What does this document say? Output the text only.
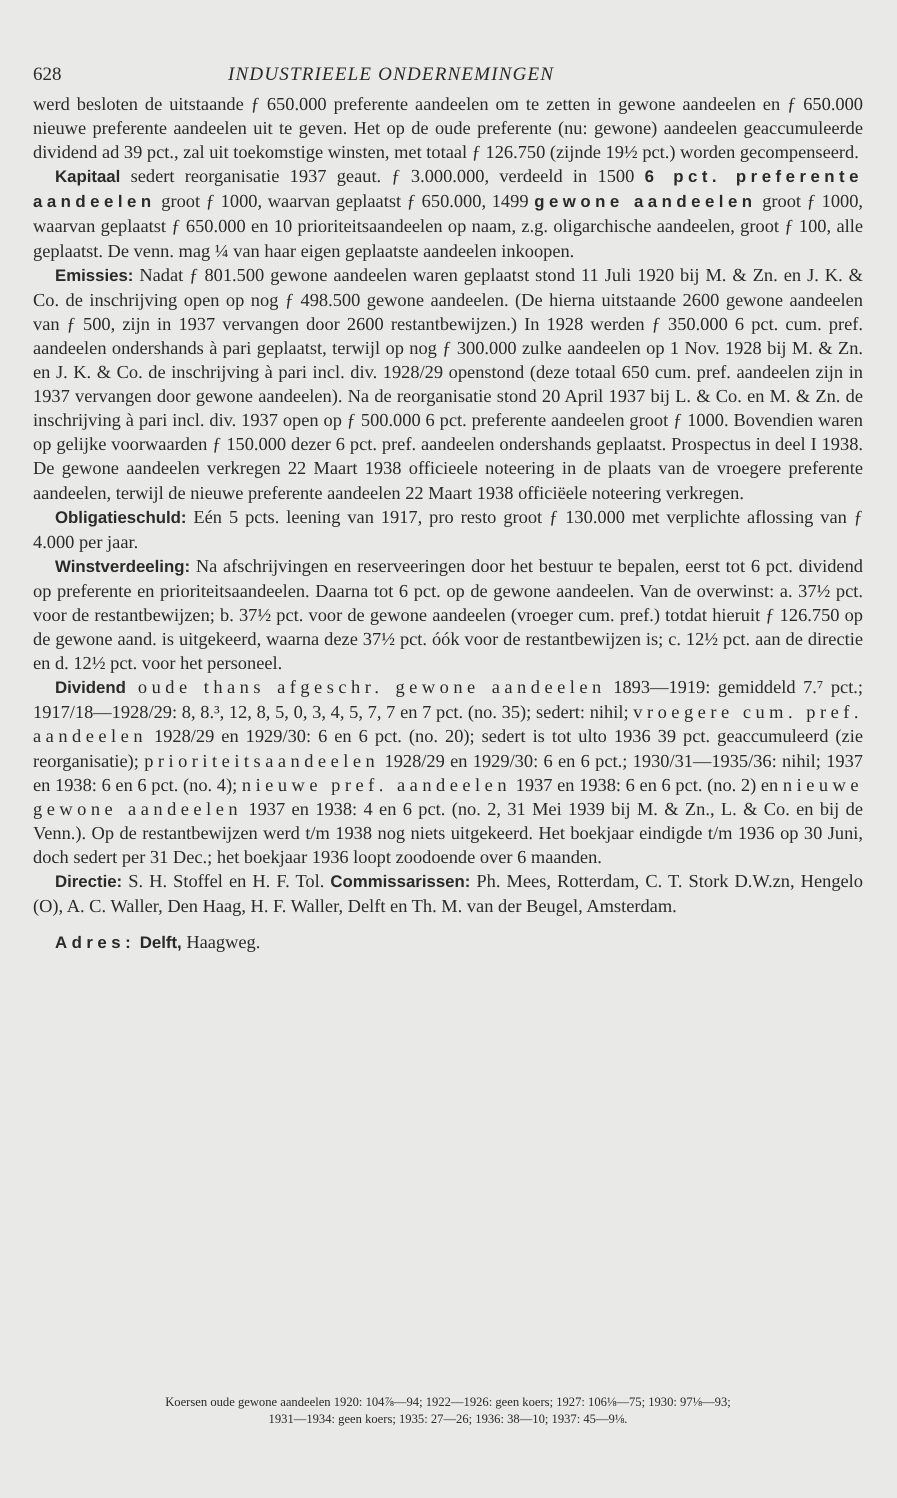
628	INDUSTRIEELE ONDERNEMINGEN

werd besloten de uitstaande ƒ 650.000 preferente aandeelen om te zetten in gewone aandeelen en ƒ 650.000 nieuwe preferente aandeelen uit te geven. Het op de oude preferente (nu: gewone) aandeelen geaccumuleerde dividend ad 39 pct., zal uit toekomstige winsten, met totaal ƒ 126.750 (zijnde 19½ pct.) worden gecompenseerd.

Kapitaal sedert reorganisatie 1937 geaut. ƒ 3.000.000, verdeeld in 1500 6 pct. preferente aandeelen groot ƒ 1000, waarvan geplaatst ƒ 650.000, 1499 gewone aandeelen groot ƒ 1000, waarvan geplaatst ƒ 650.000 en 10 prioriteitsaandeelen op naam, z.g. oligarchische aandeelen, groot ƒ 100, alle geplaatst. De venn. mag ¼ van haar eigen geplaatste aandeelen inkoopen.

Emissies: Nadat ƒ 801.500 gewone aandeelen waren geplaatst stond 11 Juli 1920 bij M. & Zn. en J. K. & Co. de inschrijving open op nog ƒ 498.500 gewone aandeelen. (De hierna uitstaande 2600 gewone aandeelen van ƒ 500, zijn in 1937 vervangen door 2600 restantbewijzen.) In 1928 werden ƒ 350.000 6 pct. cum. pref. aandeelen ondershands à pari geplaatst, terwijl op nog ƒ 300.000 zulke aandeelen op 1 Nov. 1928 bij M. & Zn. en J. K. & Co. de inschrijving à pari incl. div. 1928/29 openstond (deze totaal 650 cum. pref. aandeelen zijn in 1937 vervangen door gewone aandeelen). Na de reorganisatie stond 20 April 1937 bij L. & Co. en M. & Zn. de inschrijving à pari incl. div. 1937 open op ƒ 500.000 6 pct. preferente aandeelen groot ƒ 1000. Bovendien waren op gelijke voorwaarden ƒ 150.000 dezer 6 pct. pref. aandeelen ondershands geplaatst. Prospectus in deel I 1938. De gewone aandeelen verkregen 22 Maart 1938 officieele noteering in de plaats van de vroegere preferente aandeelen, terwijl de nieuwe preferente aandeelen 22 Maart 1938 officiëele noteering verkregen.

Obligatieschuld: Eén 5 pcts. leening van 1917, pro resto groot ƒ 130.000 met verplichte aflossing van ƒ 4.000 per jaar.

Winstverdeeling: Na afschrijvingen en reserveeringen door het bestuur te bepalen, eerst tot 6 pct. dividend op preferente en prioriteitsaandeelen. Daarna tot 6 pct. op de gewone aandeelen. Van de overwinst: a. 37½ pct. voor de restantbewijzen; b. 37½ pct. voor de gewone aandeelen (vroeger cum. pref.) totdat hieruit ƒ 126.750 op de gewone aand. is uitgekeerd, waarna deze 37½ pct. óók voor de restantbewijzen is; c. 12½ pct. aan de directie en d. 12½ pct. voor het personeel.

Dividend oude thans afgeschr. gewone aandeelen 1893—1919: gemiddeld 7.⁷ pct.; 1917/18—1928/29: 8, 8.³, 12, 8, 5, 0, 3, 4, 5, 7, 7 en 7 pct. (no. 35); sedert: nihil; vroegere cum. pref. aandeelen 1928/29 en 1929/30: 6 en 6 pct. (no. 20); sedert is tot ulto 1936 39 pct. geaccumuleerd (zie reorganisatie); prioriteitsaandeelen 1928/29 en 1929/30: 6 en 6 pct.; 1930/31—1935/36: nihil; 1937 en 1938: 6 en 6 pct. (no. 4); nieuwe pref. aandeelen 1937 en 1938: 6 en 6 pct. (no. 2) en nieuwe gewone aandeelen 1937 en 1938: 4 en 6 pct. (no. 2, 31 Mei 1939 bij M. & Zn., L. & Co. en bij de Venn.). Op de restantbewijzen werd t/m 1938 nog niets uitgekeerd. Het boekjaar eindigde t/m 1936 op 30 Juni, doch sedert per 31 Dec.; het boekjaar 1936 loopt zoodoende over 6 maanden.

Directie: S. H. Stoffel en H. F. Tol. Commissarissen: Ph. Mees, Rotterdam, C. T. Stork D.W.zn, Hengelo (O), A. C. Waller, Den Haag, H. F. Waller, Delft en Th. M. van der Beugel, Amsterdam.

Adres: Delft, Haagweg.

Koersen oude gewone aandeelen 1920: 104⅞—94; 1922—1926: geen koers; 1927: 106⅛—75; 1930: 97⅛—93;
1931—1934: geen koers; 1935: 27—26; 1936: 38—10; 1937: 45—9⅛.
